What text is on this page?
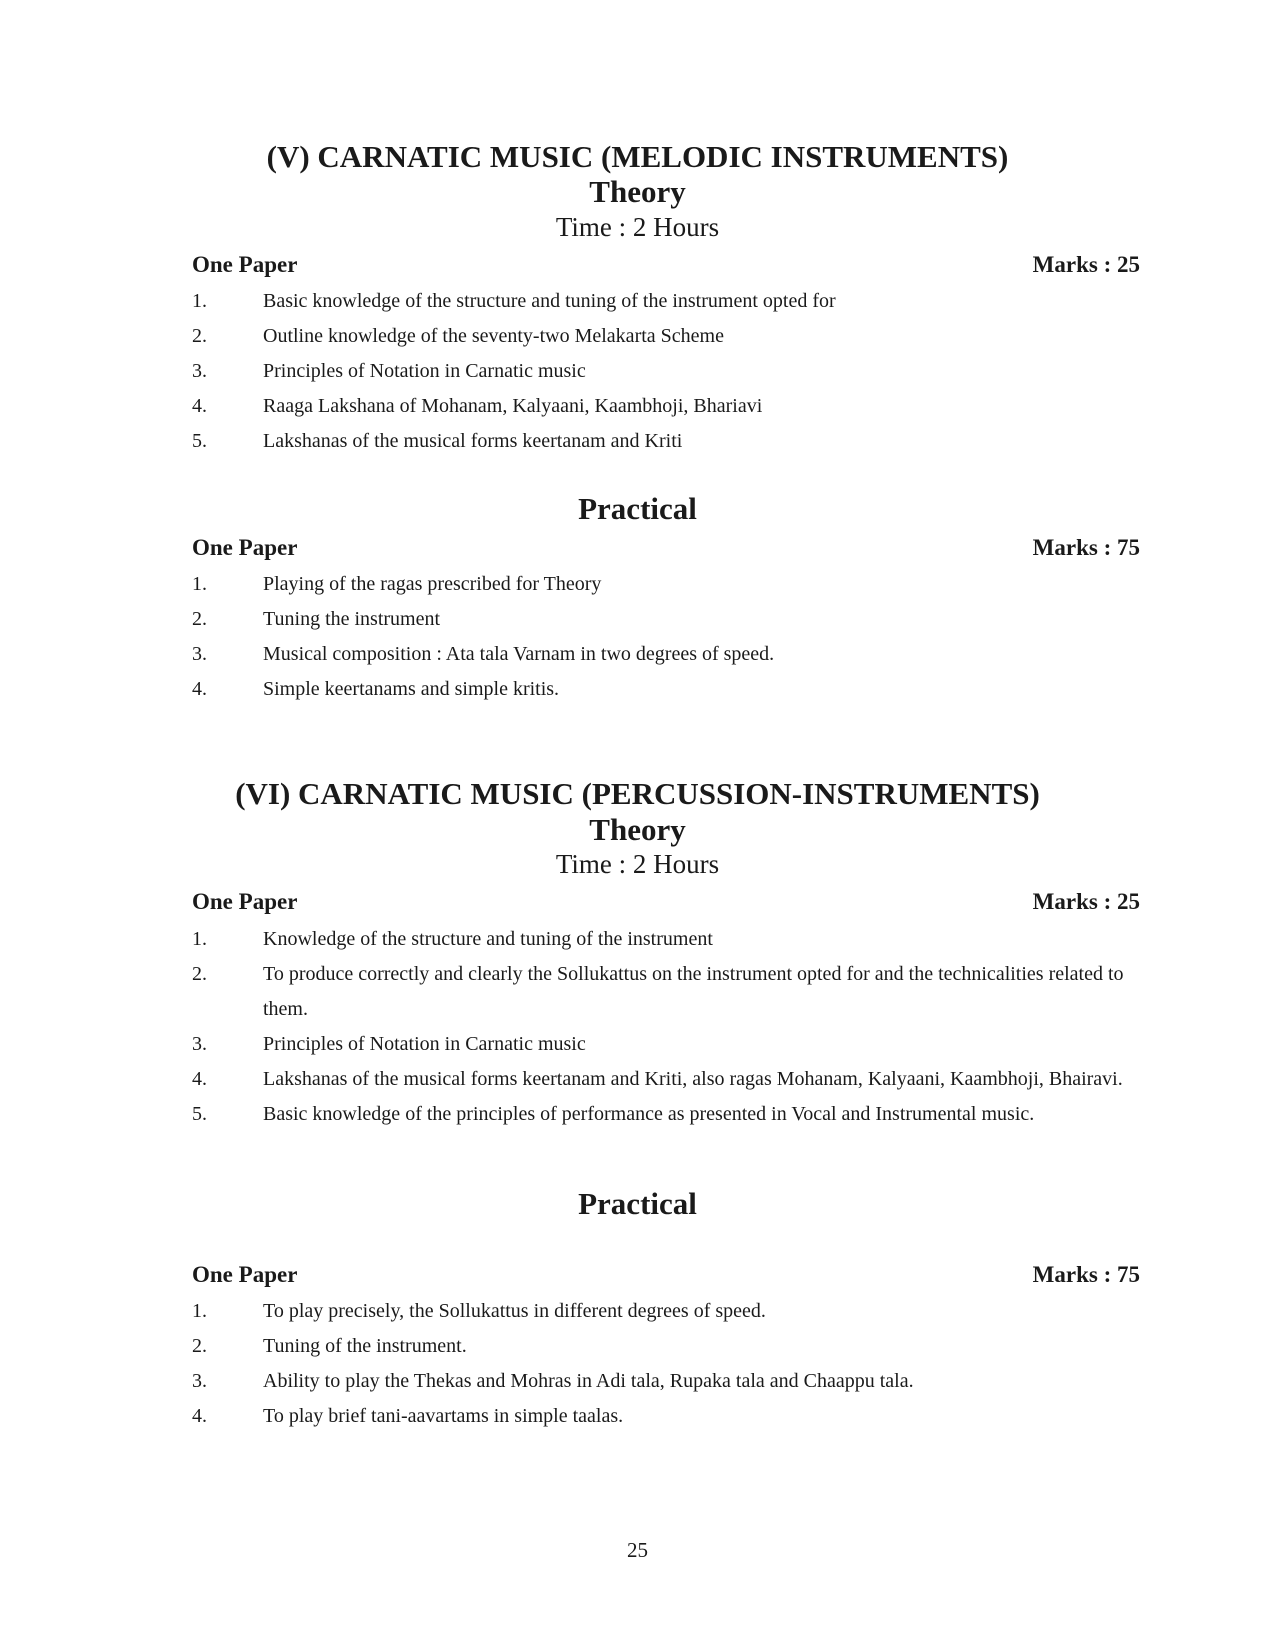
(V) CARNATIC MUSIC (MELODIC INSTRUMENTS)
Theory
Time : 2 Hours
One Paper	Marks : 25
1.	Basic knowledge of the structure and tuning of the instrument opted for
2.	Outline knowledge of the seventy-two Melakarta Scheme
3.	Principles of Notation in Carnatic music
4.	Raaga Lakshana of Mohanam, Kalyaani, Kaambhoji, Bhariavi
5.	Lakshanas of the musical forms keertanam and Kriti
Practical
One Paper	Marks : 75
1.	Playing of the ragas prescribed for Theory
2.	Tuning the instrument
3.	Musical composition : Ata tala Varnam in two degrees of speed.
4.	Simple keertanams and simple kritis.
(VI) CARNATIC MUSIC (PERCUSSION-INSTRUMENTS)
Theory
Time : 2 Hours
One Paper	Marks : 25
1.	Knowledge of the structure and tuning of the instrument
2.	To produce correctly and clearly the Sollukattus on the instrument opted for and the technicalities related to them.
3.	Principles of Notation in Carnatic music
4.	Lakshanas of the musical forms keertanam and Kriti, also ragas Mohanam, Kalyaani, Kaambhoji, Bhairavi.
5.	Basic knowledge of the principles of performance as presented in Vocal and Instrumental music.
Practical
One Paper	Marks : 75
1.	To play precisely, the Sollukattus in different degrees of speed.
2.	Tuning of the instrument.
3.	Ability to play the Thekas and Mohras in Adi tala, Rupaka tala and Chaappu tala.
4.	To play brief tani-aavartams in simple taalas.
25
